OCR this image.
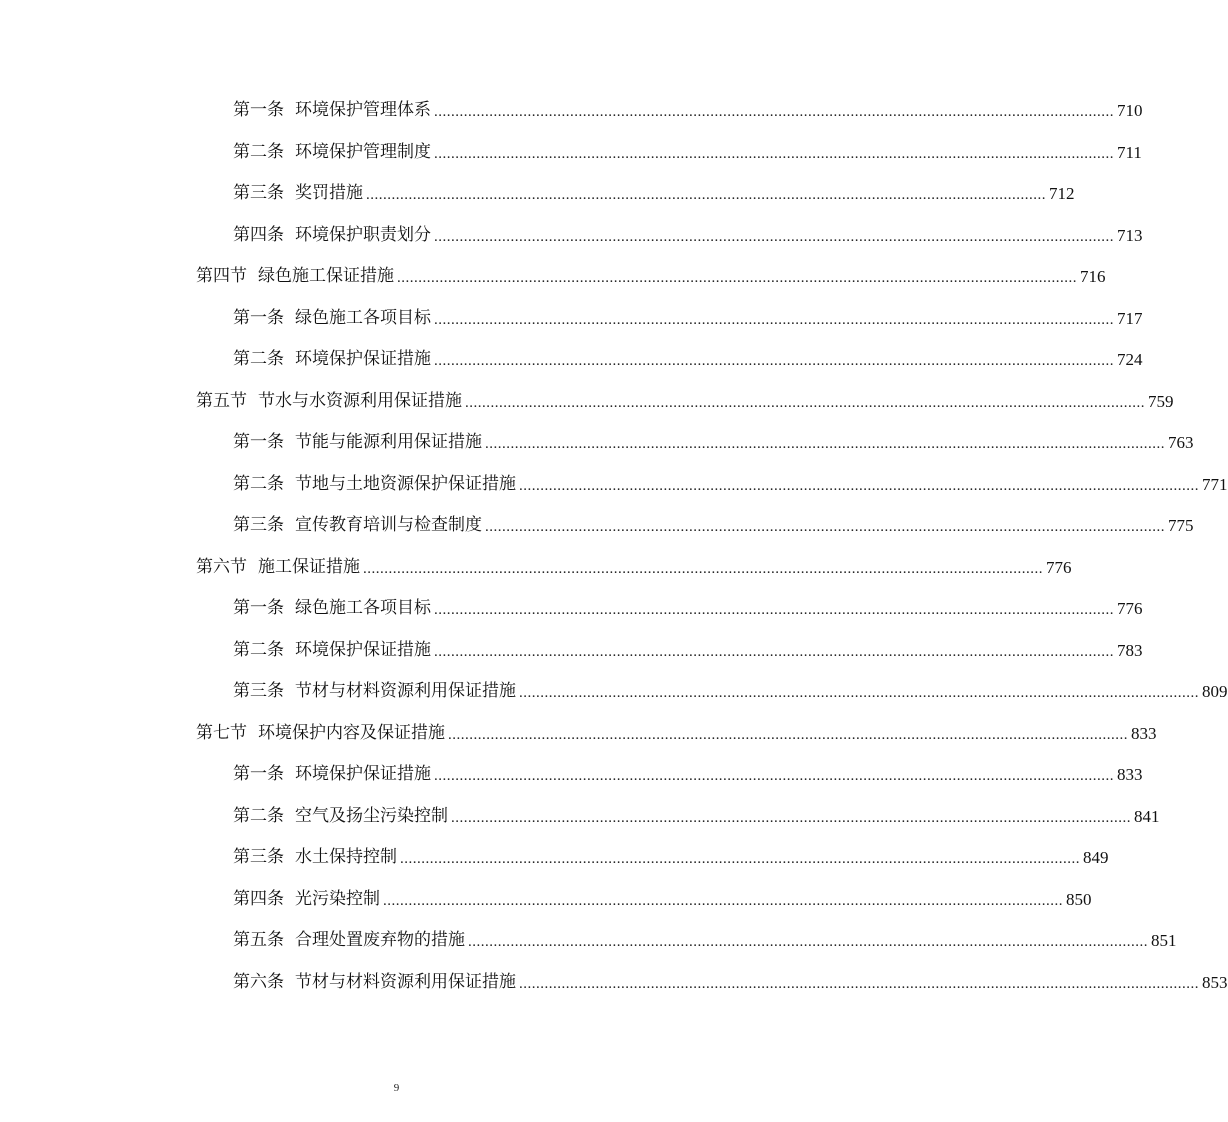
第一条 环境保护管理体系 ................................................................................................................................................................ 710
第二条 环境保护管理制度 ................................................................................................................................................................ 711
第三条 奖罚措施 ................................................................................................................................................................ 712
第四条 环境保护职责划分 ................................................................................................................................................................ 713
第四节 绿色施工保证措施 ................................................................................................................................................................ 716
第一条 绿色施工各项目标 ................................................................................................................................................................ 717
第二条 环境保护保证措施 ................................................................................................................................................................ 724
第五节 节水与水资源利用保证措施 ................................................................................................................................................................ 759
第一条 节能与能源利用保证措施 ................................................................................................................................................................ 763
第二条 节地与土地资源保护保证措施 ................................................................................................................................................................ 771
第三条 宣传教育培训与检查制度 ................................................................................................................................................................ 775
第六节 施工保证措施 ................................................................................................................................................................ 776
第一条 绿色施工各项目标 ................................................................................................................................................................ 776
第二条 环境保护保证措施 ................................................................................................................................................................ 783
第三条 节材与材料资源利用保证措施 ................................................................................................................................................................ 809
第七节 环境保护内容及保证措施 ................................................................................................................................................................ 833
第一条 环境保护保证措施 ................................................................................................................................................................ 833
第二条 空气及扬尘污染控制 ................................................................................................................................................................ 841
第三条 水土保持控制 ................................................................................................................................................................ 849
第四条 光污染控制 ................................................................................................................................................................ 850
第五条 合理处置废弃物的措施 ................................................................................................................................................................ 851
第六条 节材与材料资源利用保证措施 ................................................................................................................................................................ 853
9
